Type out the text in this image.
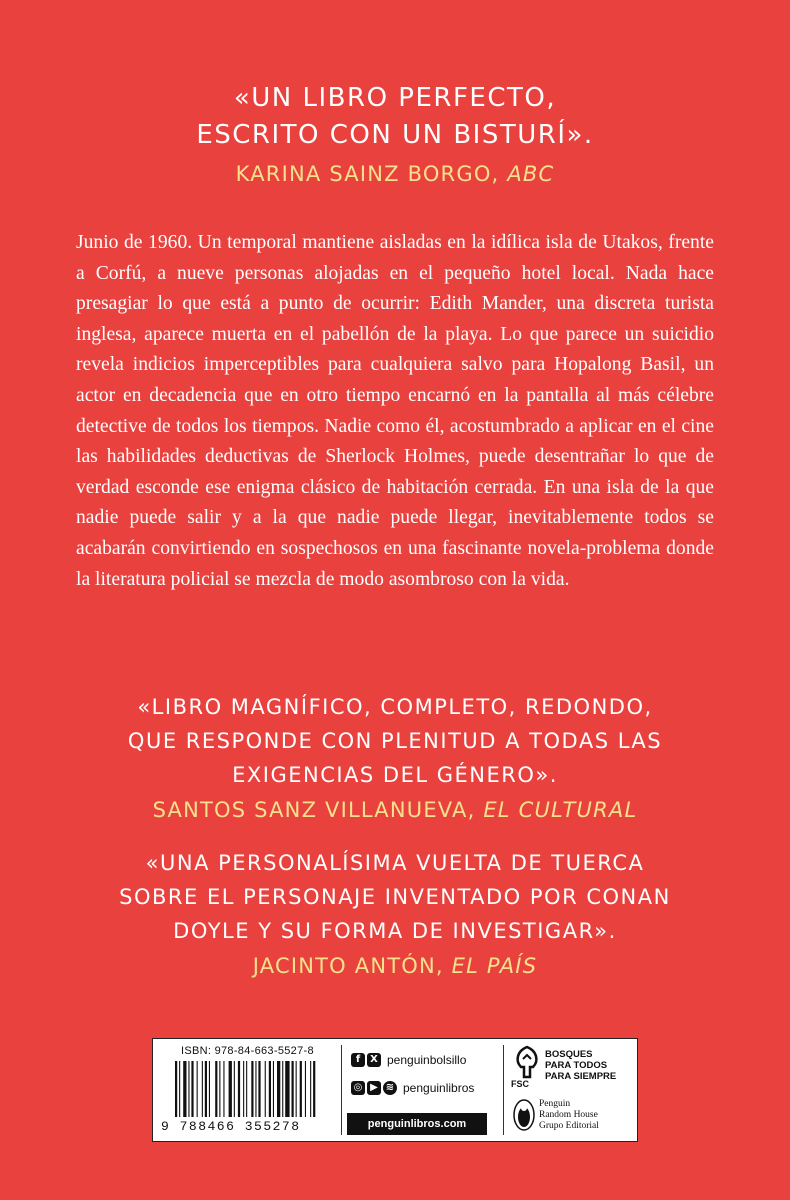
«UN LIBRO PERFECTO,
ESCRITO CON UN BISTURÍ».
KARINA SAINZ BORGO, ABC
Junio de 1960. Un temporal mantiene aisladas en la idílica isla de Utakos, frente a Corfú, a nueve personas alojadas en el pequeño hotel local. Nada hace presagiar lo que está a punto de ocurrir: Edith Mander, una discreta turista inglesa, aparece muerta en el pabellón de la playa. Lo que parece un suicidio revela indicios imperceptibles para cualquiera salvo para Hopalong Basil, un actor en decadencia que en otro tiempo encarnó en la pantalla al más célebre detective de todos los tiempos. Nadie como él, acostumbrado a aplicar en el cine las habilidades deductivas de Sherlock Holmes, puede desentrañar lo que de verdad esconde ese enigma clásico de habitación cerrada. En una isla de la que nadie puede salir y a la que nadie puede llegar, inevitablemente todos se acabarán convirtiendo en sospechosos en una fascinante novela-problema donde la literatura policial se mezcla de modo asombroso con la vida.
«LIBRO MAGNÍFICO, COMPLETO, REDONDO,
QUE RESPONDE CON PLENITUD A TODAS LAS
EXIGENCIAS DEL GÉNERO».
SANTOS SANZ VILLANUEVA, EL CULTURAL
«UNA PERSONALÍSIMA VUELTA DE TUERCA
SOBRE EL PERSONAJE INVENTADO POR CONAN
DOYLE Y SU FORMA DE INVESTIGAR».
JACINTO ANTÓN, EL PAÍS
ISBN: 978-84-663-5527-8
9 788466 355278
f X penguinbolsillo
◎ ▶ ≋ penguinlibros
penguinlibros.com
FSC
BOSQUES
PARA TODOS
PARA SIEMPRE
Penguin
Random House
Grupo Editorial
